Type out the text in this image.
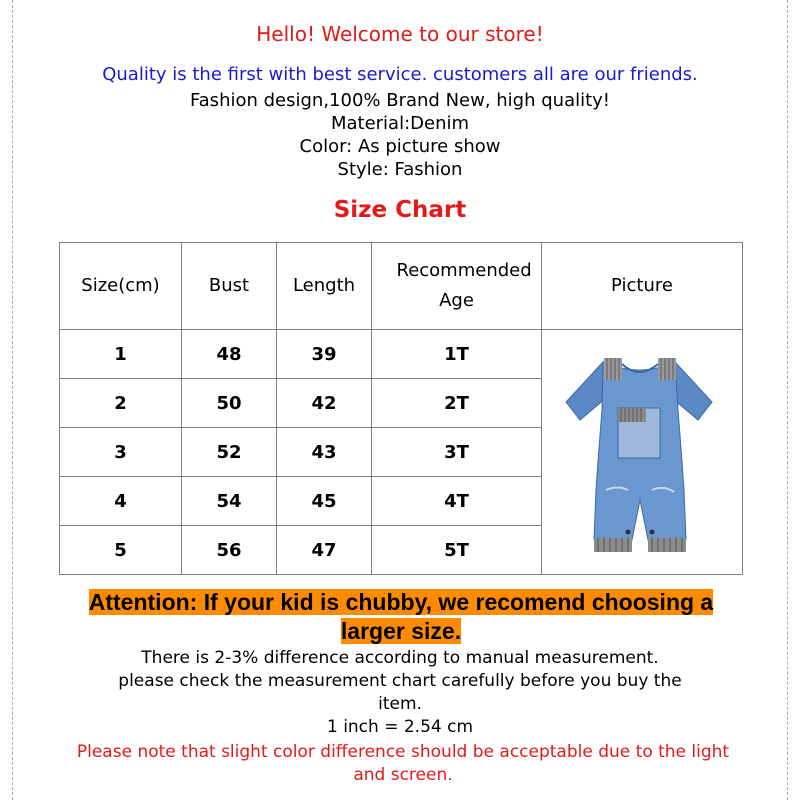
Hello! Welcome to our store!
Quality is the first with best service. customers all are our friends.
Fashion design,100% Brand New, high quality!
Material:Denim
Color: As picture show
Style: Fashion
Size Chart
Size(cm)	Bust	Length	Recommended Age	Picture
1	48	39	1T	

2	50	42	2T	
3	52	43	3T	
4	54	45	4T	
5	56	47	5T	
Attention: If your kid is chubby, we recomend choosing a larger size.
There is 2-3% difference according to manual measurement.
please check the measurement chart carefully before you buy the
item.
1 inch = 2.54 cm
Please note that slight color difference should be acceptable due to the light and screen.
